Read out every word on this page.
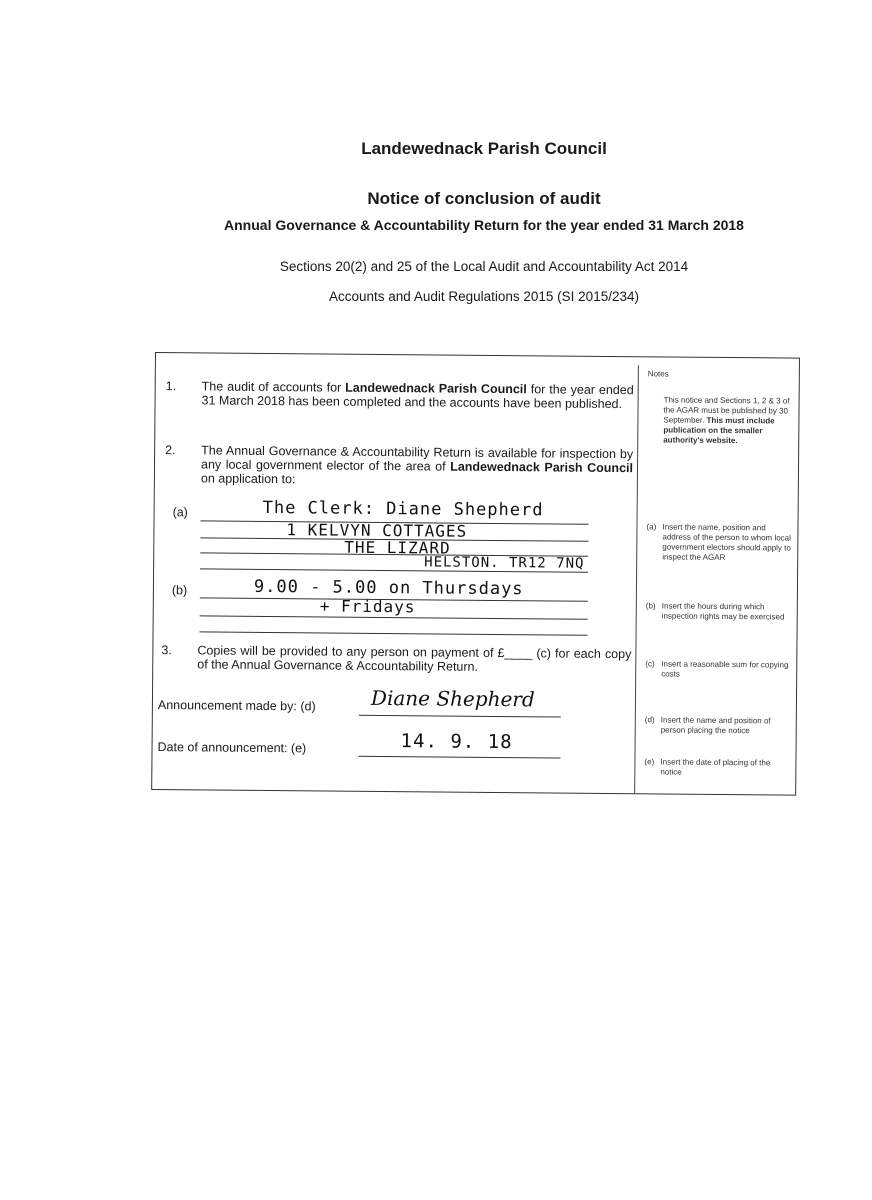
Landewednack Parish Council
Notice of conclusion of audit
Annual Governance & Accountability Return for the year ended 31 March 2018
Sections 20(2) and 25 of the Local Audit and Accountability Act 2014
Accounts and Audit Regulations 2015 (SI 2015/234)
1. The audit of accounts for Landewednack Parish Council for the year ended 31 March 2018 has been completed and the accounts have been published.
2. The Annual Governance & Accountability Return is available for inspection by any local government elector of the area of Landewednack Parish Council on application to:
(a)	The Clerk: Diane Shepherd
1 KELVYN COTTAGES
THE LIZARD
HELSTON. TR12 7NQ
(b)	9.00 - 5.00 on Thursdays
+ Fridays
3. Copies will be provided to any person on payment of £____ (c) for each copy of the Annual Governance & Accountability Return.
Announcement made by: (d)	Diane Shepherd
Date of announcement: (e)	14. 9. 18
Notes
This notice and Sections 1, 2 & 3 of the AGAR must be published by 30 September. This must include publication on the smaller authority's website.
(a) Insert the name, position and address of the person to whom local government electors should apply to inspect the AGAR
(b) Insert the hours during which inspection rights may be exercised
(c) Insert a reasonable sum for copying costs
(d) Insert the name and position of person placing the notice
(e) Insert the date of placing of the notice
